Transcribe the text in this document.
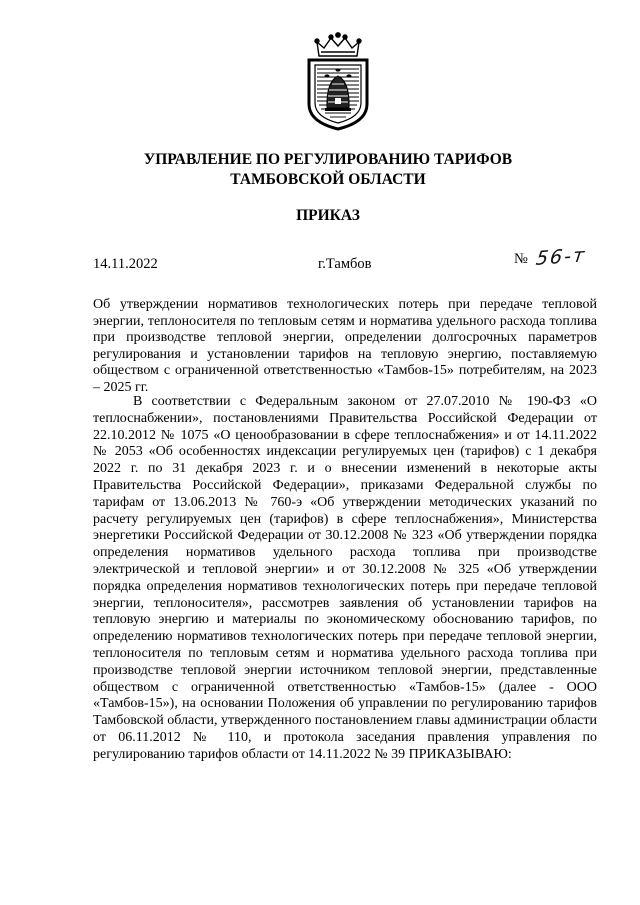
УПРАВЛЕНИЕ ПО РЕГУЛИРОВАНИЮ ТАРИФОВ
ТАМБОВСКОЙ ОБЛАСТИ
ПРИКАЗ
14.11.2022	г.Тамбов	№ 56-т
Об утверждении нормативов технологических потерь при передаче тепловой энергии, теплоносителя по тепловым сетям и норматива удельного расхода топлива при производстве тепловой энергии, определении долгосрочных параметров регулирования и установлении тарифов на тепловую энергию, поставляемую обществом с ограниченной ответственностью «Тамбов-15» потребителям, на 2023 – 2025 гг.
В соответствии с Федеральным законом от 27.07.2010 № 190-ФЗ «О теплоснабжении», постановлениями Правительства Российской Федерации от 22.10.2012 № 1075 «О ценообразовании в сфере теплоснабжения» и от 14.11.2022 № 2053 «Об особенностях индексации регулируемых цен (тарифов) с 1 декабря 2022 г. по 31 декабря 2023 г. и о внесении изменений в некоторые акты Правительства Российской Федерации», приказами Федеральной службы по тарифам от 13.06.2013 № 760-э «Об утверждении методических указаний по расчету регулируемых цен (тарифов) в сфере теплоснабжения», Министерства энергетики Российской Федерации от 30.12.2008 № 323 «Об утверждении порядка определения нормативов удельного расхода топлива при производстве электрической и тепловой энергии» и от 30.12.2008 № 325 «Об утверждении порядка определения нормативов технологических потерь при передаче тепловой энергии, теплоносителя», рассмотрев заявления об установлении тарифов на тепловую энергию и материалы по экономическому обоснованию тарифов, по определению нормативов технологических потерь при передаче тепловой энергии, теплоносителя по тепловым сетям и норматива удельного расхода топлива при производстве тепловой энергии источником тепловой энергии, представленные обществом с ограниченной ответственностью «Тамбов-15» (далее - ООО «Тамбов-15»), на основании Положения об управлении по регулированию тарифов Тамбовской области, утвержденного постановлением главы администрации области от 06.11.2012 № 110, и протокола заседания правления управления по регулированию тарифов области от 14.11.2022 № 39 ПРИКАЗЫВАЮ:
